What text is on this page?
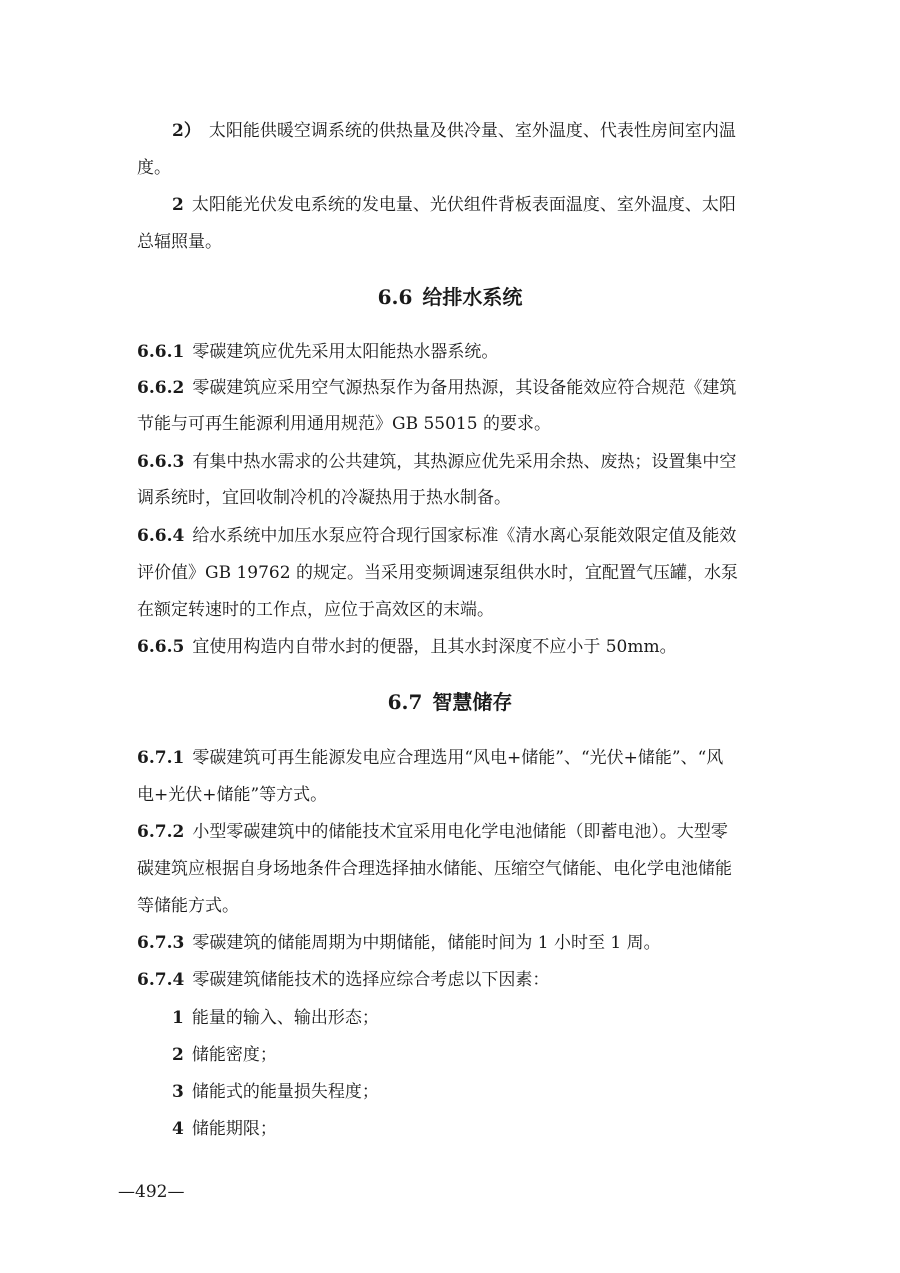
2） 太阳能供暖空调系统的供热量及供冷量、室外温度、代表性房间室内温
度。
2 太阳能光伏发电系统的发电量、光伏组件背板表面温度、室外温度、太阳
总辐照量。
6.6 给排水系统
6.6.1 零碳建筑应优先采用太阳能热水器系统。
6.6.2 零碳建筑应采用空气源热泵作为备用热源，其设备能效应符合规范《建筑
节能与可再生能源利用通用规范》GB 55015 的要求。
6.6.3 有集中热水需求的公共建筑，其热源应优先采用余热、废热；设置集中空
调系统时，宜回收制冷机的冷凝热用于热水制备。
6.6.4 给水系统中加压水泵应符合现行国家标准《清水离心泵能效限定值及能效
评价值》GB 19762 的规定。当采用变频调速泵组供水时，宜配置气压罐，水泵
在额定转速时的工作点，应位于高效区的末端。
6.6.5 宜使用构造内自带水封的便器，且其水封深度不应小于 50mm。
6.7 智慧储存
6.7.1 零碳建筑可再生能源发电应合理选用“风电+储能”、“光伏+储能”、“风
电+光伏+储能”等方式。
6.7.2 小型零碳建筑中的储能技术宜采用电化学电池储能（即蓄电池）。大型零
碳建筑应根据自身场地条件合理选择抽水储能、压缩空气储能、电化学电池储能
等储能方式。
6.7.3 零碳建筑的储能周期为中期储能，储能时间为 1 小时至 1 周。
6.7.4 零碳建筑储能技术的选择应综合考虑以下因素：
1 能量的输入、输出形态；
2 储能密度；
3 储能式的能量损失程度；
4 储能期限；
—492—
